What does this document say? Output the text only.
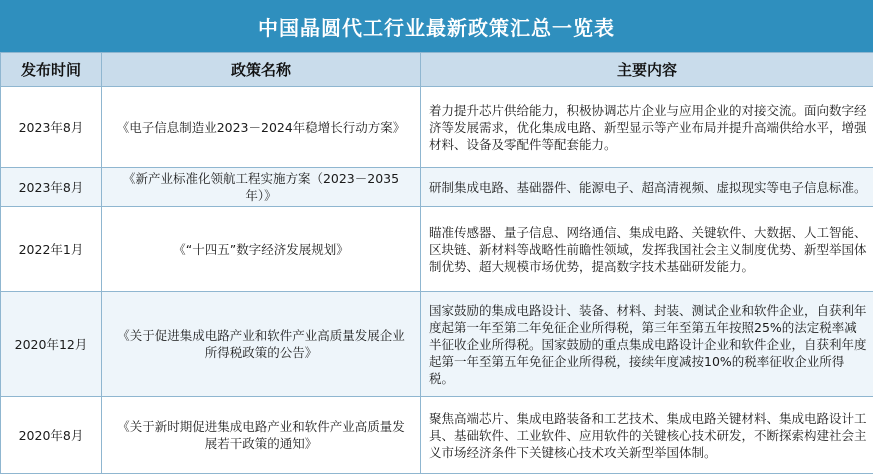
中国晶圆代工行业最新政策汇总一览表
发布时间	政策名称	主要内容
2023年8月	《电子信息制造业2023－2024年稳增长行动方案》	着力提升芯片供给能力，积极协调芯片企业与应用企业的对接交流。面向数字经济等发展需求，优化集成电路、新型显示等产业布局并提升高端供给水平，增强材料、设备及零配件等配套能力。
2023年8月	《新产业标准化领航工程实施方案（2023－2035年）》	研制集成电路、基础器件、能源电子、超高清视频、虚拟现实等电子信息标准。
2022年1月	《“十四五”数字经济发展规划》	瞄准传感器、量子信息、网络通信、集成电路、关键软件、大数据、人工智能、区块链、新材料等战略性前瞻性领域，发挥我国社会主义制度优势、新型举国体制优势、超大规模市场优势，提高数字技术基础研发能力。
2020年12月	《关于促进集成电路产业和软件产业高质量发展企业所得税政策的公告》	国家鼓励的集成电路设计、装备、材料、封装、测试企业和软件企业，自获利年度起第一年至第二年免征企业所得税，第三年至第五年按照25%的法定税率减半征收企业所得税。国家鼓励的重点集成电路设计企业和软件企业，自获利年度起第一年至第五年免征企业所得税，接续年度减按10%的税率征收企业所得税。
2020年8月	《关于新时期促进集成电路产业和软件产业高质量发展若干政策的通知》	聚焦高端芯片、集成电路装备和工艺技术、集成电路关键材料、集成电路设计工具、基础软件、工业软件、应用软件的关键核心技术研发，不断探索构建社会主义市场经济条件下关键核心技术攻关新型举国体制。
